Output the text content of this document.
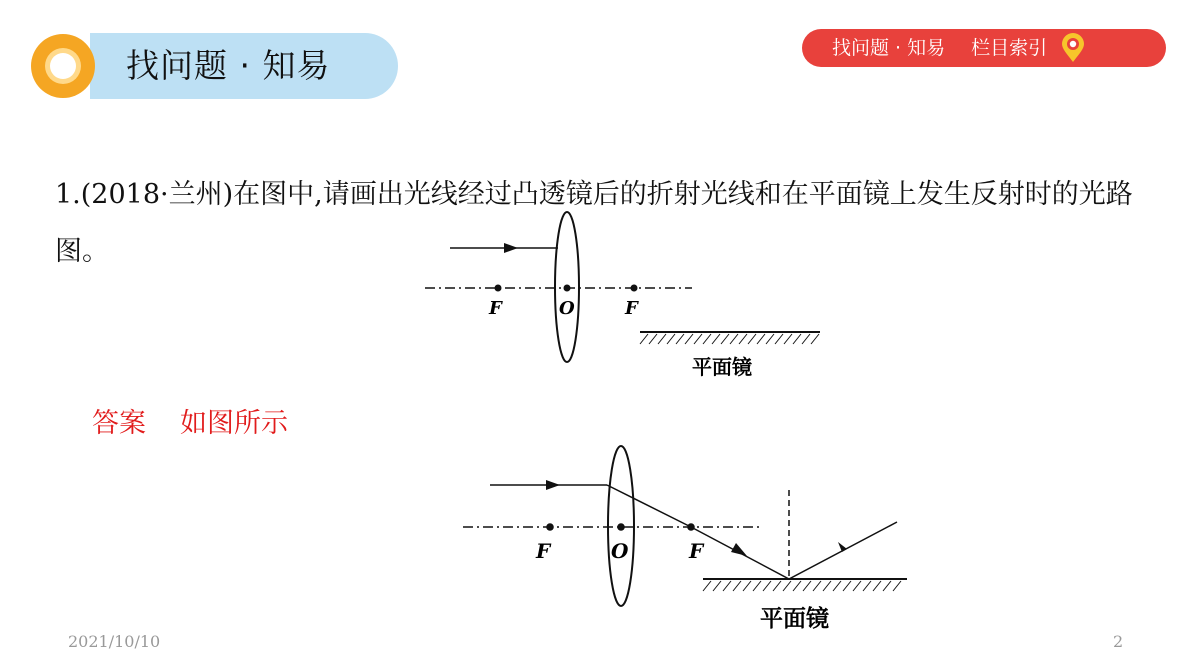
找问题 · 知易	找问题 · 知易 栏目索引

1.(2018·兰州)在图中,请画出光线经过凸透镜后的折射光线和在平面镜上发生反射时的光路图。

F	O	F
平面镜

答案 如图所示

F	O	F
平面镜
2021/10/10	2
